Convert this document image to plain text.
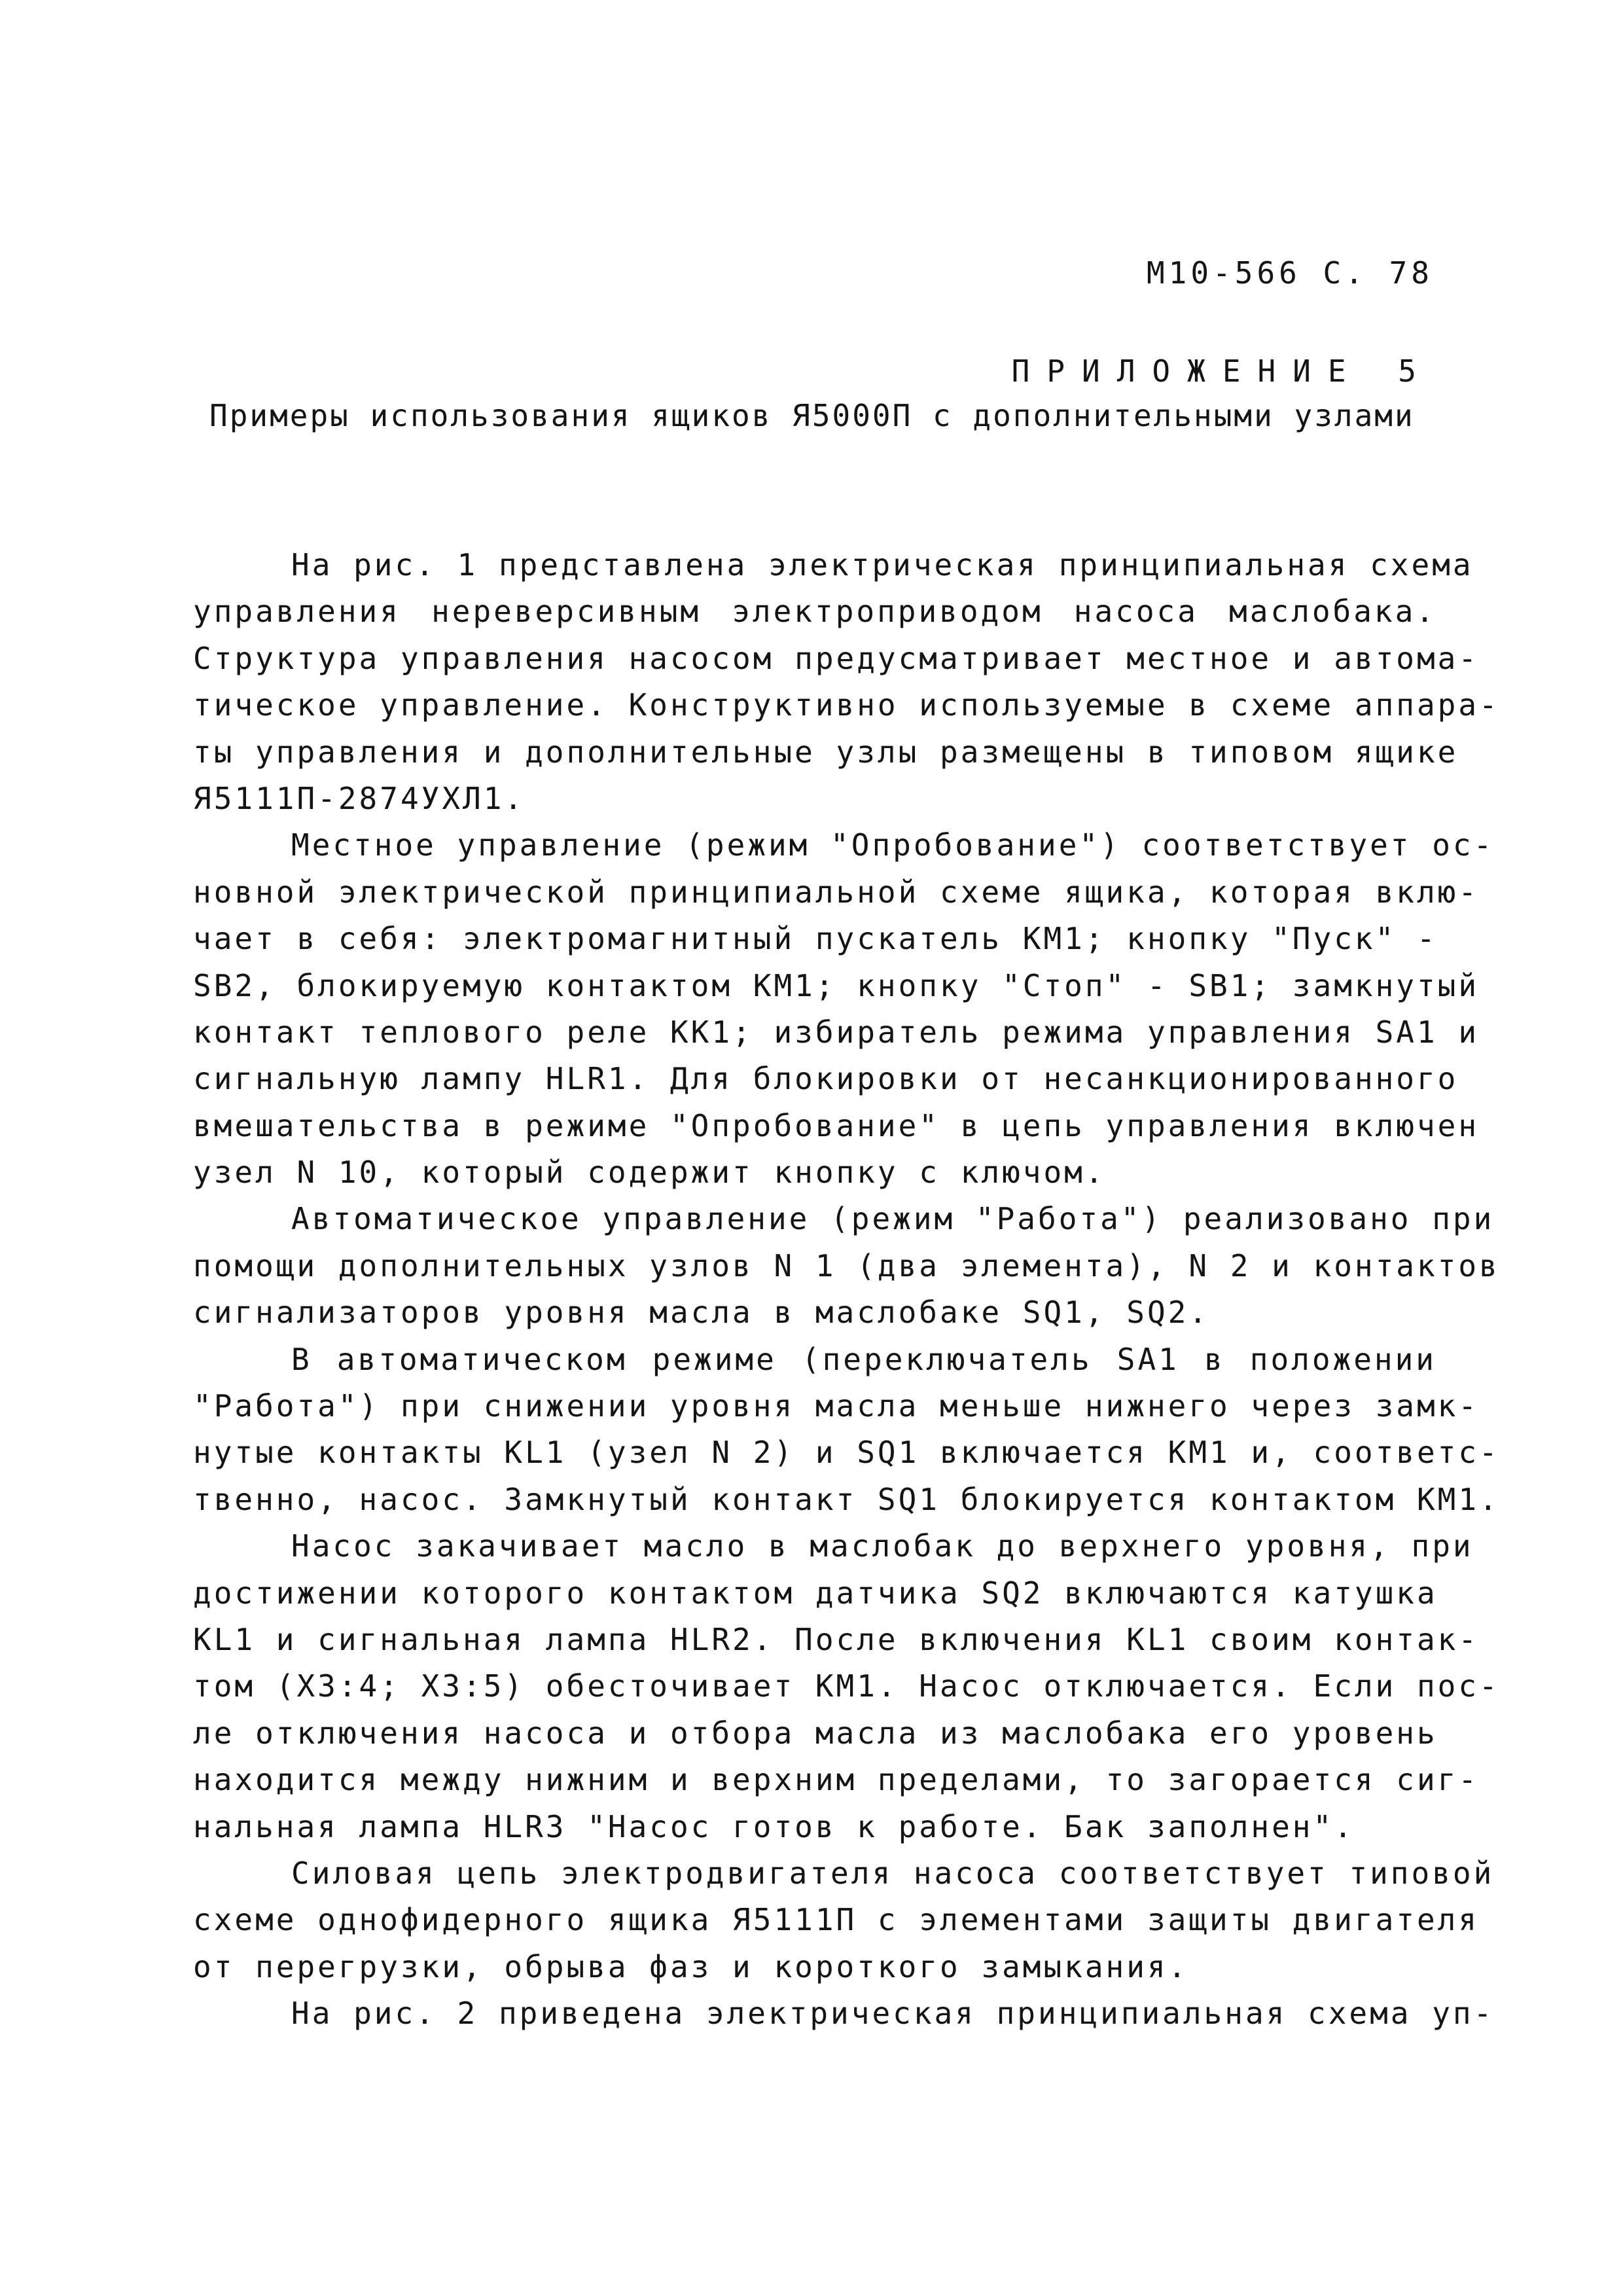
М10-566 С. 78
ПРИЛОЖЕНИЕ 5
Примеры использования ящиков Я5000П с дополнительными узлами
На рис. 1 представлена электрическая принципиальная схема
управления нереверсивным электроприводом насоса маслобака.
Структура управления насосом предусматривает местное и автома-
тическое управление. Конструктивно используемые в схеме аппара-
ты управления и дополнительные узлы размещены в типовом ящике
Я5111П-2874УХЛ1.
Местное управление (режим "Опробование") соответствует ос-
новной электрической принципиальной схеме ящика, которая вклю-
чает в себя: электромагнитный пускатель КМ1; кнопку "Пуск" -
SB2, блокируемую контактом КМ1; кнопку "Стоп" - SB1; замкнутый
контакт теплового реле КК1; избиратель режима управления SA1 и
сигнальную лампу HLR1. Для блокировки от несанкционированного
вмешательства в режиме "Опробование" в цепь управления включен
узел N 10, который содержит кнопку с ключом.
Автоматическое управление (режим "Работа") реализовано при
помощи дополнительных узлов N 1 (два элемента), N 2 и контактов
сигнализаторов уровня масла в маслобаке SQ1, SQ2.
В автоматическом режиме (переключатель SA1 в положении
"Работа") при снижении уровня масла меньше нижнего через замк-
нутые контакты KL1 (узел N 2) и SQ1 включается КМ1 и, соответс-
твенно, насос. Замкнутый контакт SQ1 блокируется контактом КМ1.
Насос закачивает масло в маслобак до верхнего уровня, при
достижении которого контактом датчика SQ2 включаются катушка
KL1 и сигнальная лампа HLR2. После включения KL1 своим контак-
том (Х3:4; Х3:5) обесточивает КМ1. Насос отключается. Если пос-
ле отключения насоса и отбора масла из маслобака его уровень
находится между нижним и верхним пределами, то загорается сиг-
нальная лампа HLR3 "Насос готов к работе. Бак заполнен".
Силовая цепь электродвигателя насоса соответствует типовой
схеме однофидерного ящика Я5111П с элементами защиты двигателя
от перегрузки, обрыва фаз и короткого замыкания.
На рис. 2 приведена электрическая принципиальная схема уп-
